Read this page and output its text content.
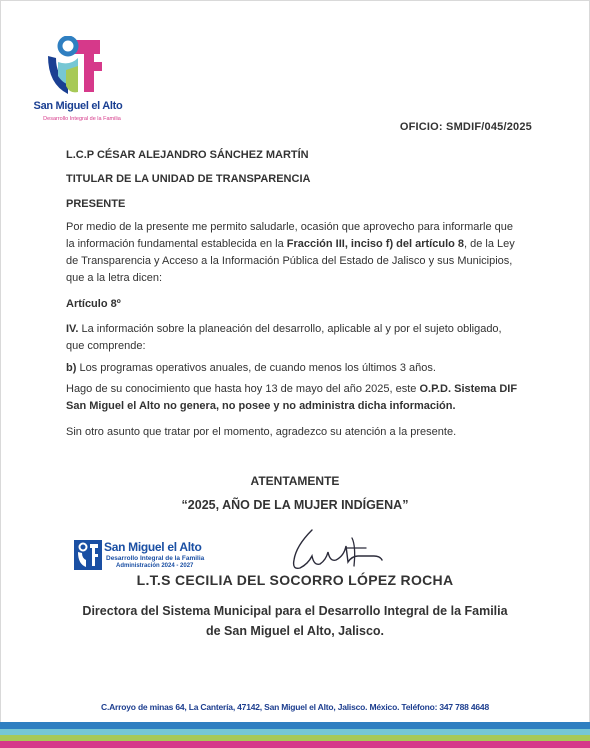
San Miguel el Alto
Desarrollo Integral de la Familia
OFICIO: SMDIF/045/2025
L.C.P CÉSAR ALEJANDRO SÁNCHEZ MARTÍN
TITULAR DE LA UNIDAD DE TRANSPARENCIA
PRESENTE
Por medio de la presente me permito saludarle, ocasión que aprovecho para informarle que
la información fundamental establecida en la Fracción III, inciso f) del artículo 8, de la Ley
de Transparencia y Acceso a la Información Pública del Estado de Jalisco y sus Municipios,
que a la letra dicen:
Artículo 8º
IV. La información sobre la planeación del desarrollo, aplicable al y por el sujeto obligado,
que comprende:
b) Los programas operativos anuales, de cuando menos los últimos 3 años.
Hago de su conocimiento que hasta hoy 13 de mayo del año 2025, este O.P.D. Sistema DIF
San Miguel el Alto no genera, no posee y no administra dicha información.
Sin otro asunto que tratar por el momento, agradezco su atención a la presente.
ATENTAMENTE
“2025, AÑO DE LA MUJER INDÍGENA”
San Miguel el Alto
Desarrollo Integral de la Familia
Administración 2024 - 2027
L.T.S CECILIA DEL SOCORRO LÓPEZ ROCHA
Directora del Sistema Municipal para el Desarrollo Integral de la Familia
de San Miguel el Alto, Jalisco.
C.Arroyo de minas 64, La Cantería, 47142, San Miguel el Alto, Jalisco. México. Teléfono: 347 788 4648
